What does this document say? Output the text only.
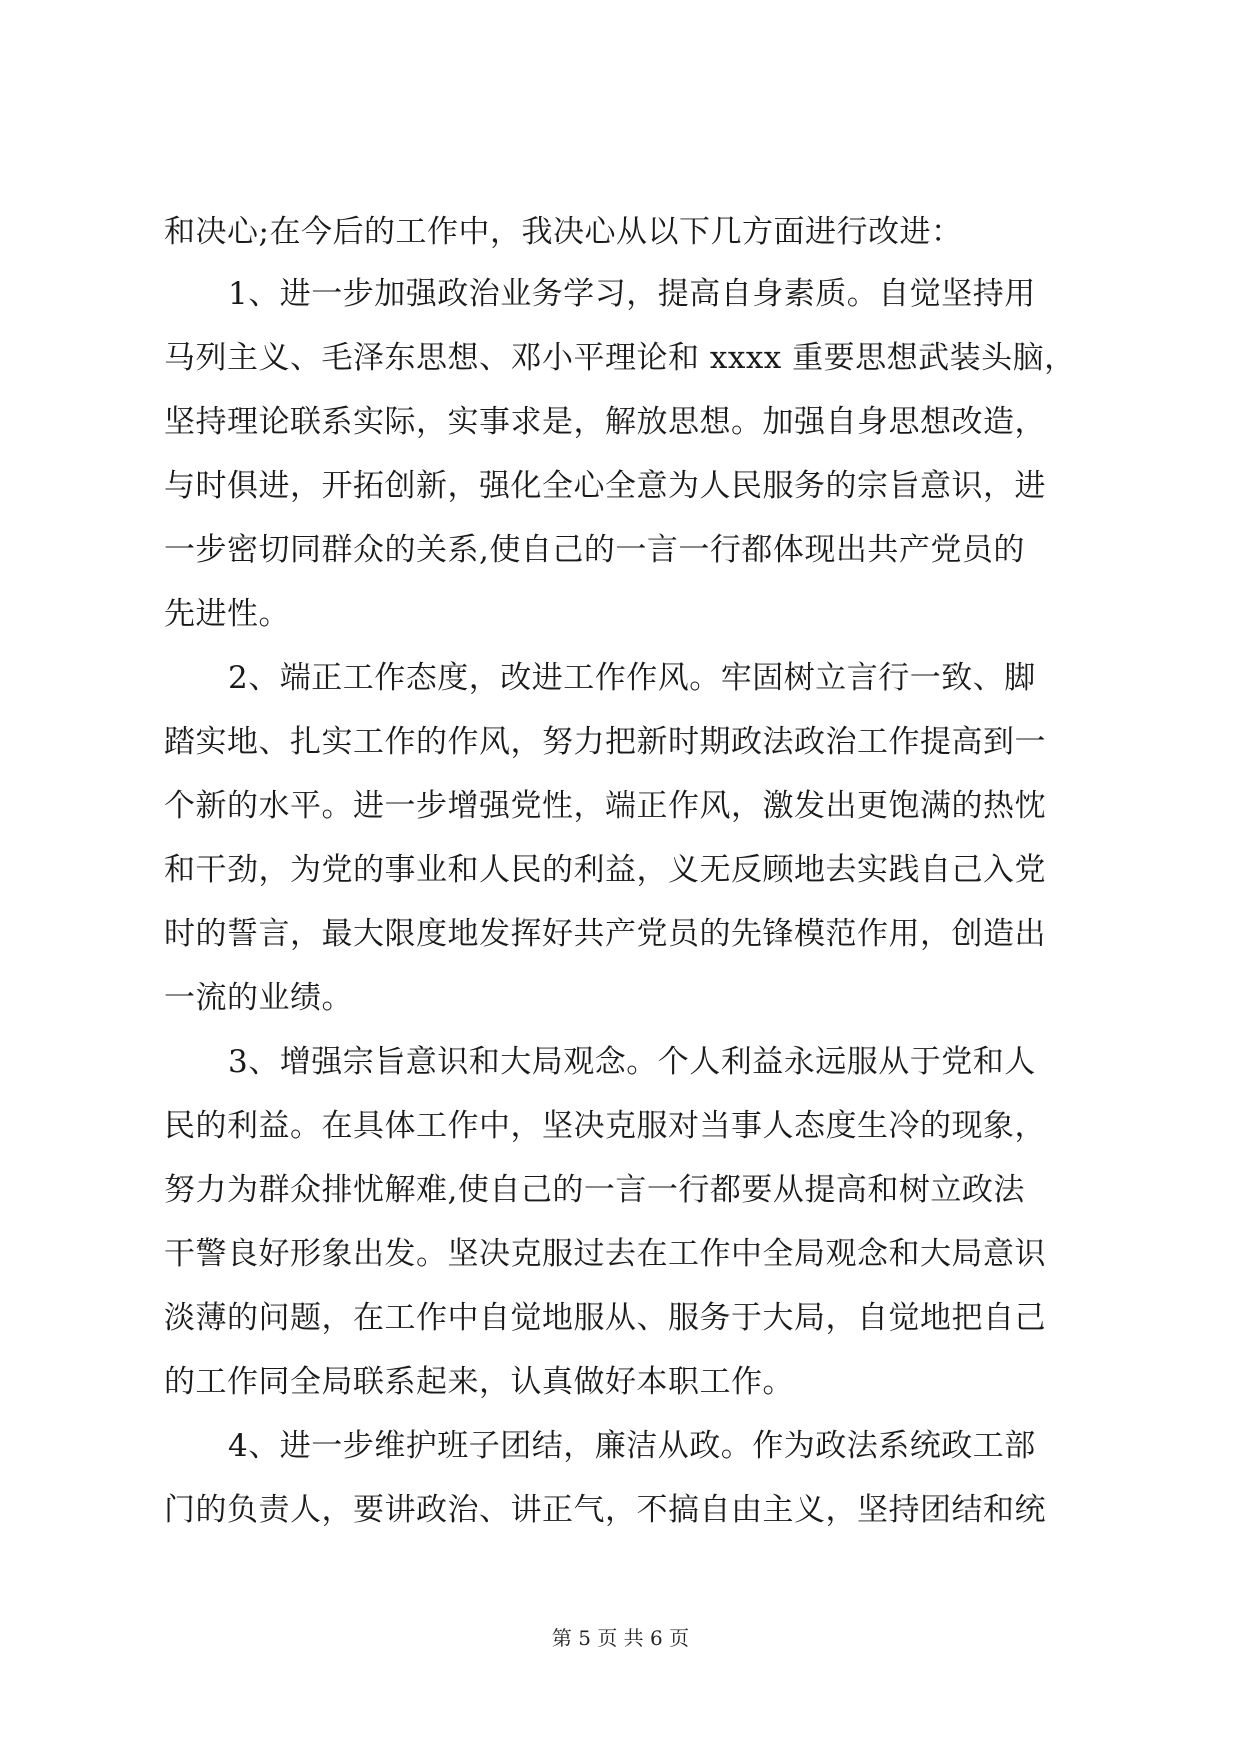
和决心;在今后的工作中，我决心从以下几方面进行改进：
1、进一步加强政治业务学习，提高自身素质。自觉坚持用
马列主义、毛泽东思想、邓小平理论和 xxxx 重要思想武装头脑，
坚持理论联系实际，实事求是，解放思想。加强自身思想改造，
与时俱进，开拓创新，强化全心全意为人民服务的宗旨意识，进
一步密切同群众的关系,使自己的一言一行都体现出共产党员的
先进性。
2、端正工作态度，改进工作作风。牢固树立言行一致、脚
踏实地、扎实工作的作风，努力把新时期政法政治工作提高到一
个新的水平。进一步增强党性，端正作风，激发出更饱满的热忱
和干劲，为党的事业和人民的利益，义无反顾地去实践自己入党
时的誓言，最大限度地发挥好共产党员的先锋模范作用，创造出
一流的业绩。
3、增强宗旨意识和大局观念。个人利益永远服从于党和人
民的利益。在具体工作中，坚决克服对当事人态度生冷的现象，
努力为群众排忧解难,使自己的一言一行都要从提高和树立政法
干警良好形象出发。坚决克服过去在工作中全局观念和大局意识
淡薄的问题，在工作中自觉地服从、服务于大局，自觉地把自己
的工作同全局联系起来，认真做好本职工作。
4、进一步维护班子团结，廉洁从政。作为政法系统政工部
门的负责人，要讲政治、讲正气，不搞自由主义，坚持团结和统
第 5 页 共 6 页
